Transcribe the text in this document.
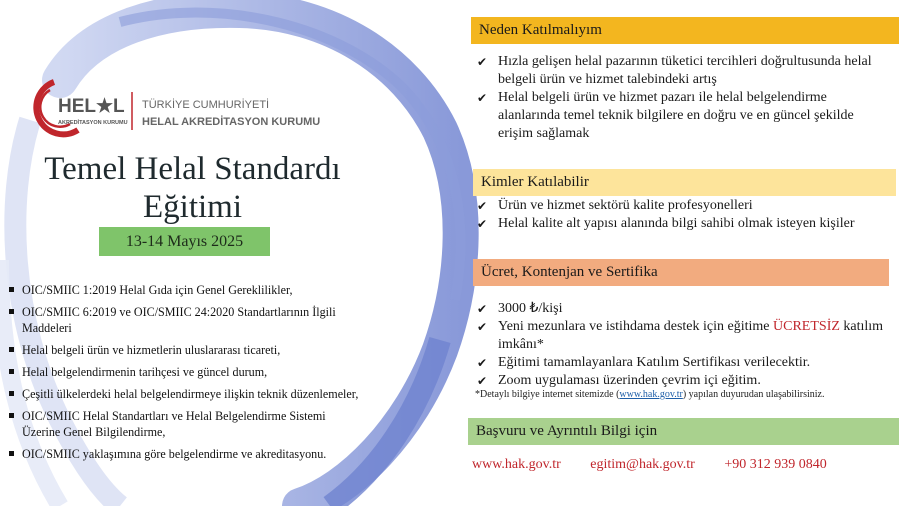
HEL★L
AKREDİTASYON KURUMU
TÜRKİYE CUMHURİYETİ
HELAL AKREDİTASYON KURUMU
Temel Helal Standardı
Eğitimi
13-14 Mayıs 2025
OIC/SMIIC 1:2019 Helal Gıda için Genel Gereklilikler,
OIC/SMIIC 6:2019 ve OIC/SMIIC 24:2020 Standartlarının İlgili Maddeleri
Helal belgeli ürün ve hizmetlerin uluslararası ticareti,
Helal belgelendirmenin tarihçesi ve güncel durum,
Çeşitli ülkelerdeki helal belgelendirmeye ilişkin teknik düzenlemeler,
OIC/SMIIC Helal Standartları ve Helal Belgelendirme Sistemi Üzerine Genel Bilgilendirme,
OIC/SMIIC yaklaşımına göre belgelendirme ve akreditasyonu.
Neden Katılmalıyım
✔ Hızla gelişen helal pazarının tüketici tercihleri doğrultusunda helal belgeli ürün ve hizmet talebindeki artış
✔ Helal belgeli ürün ve hizmet pazarı ile helal belgelendirme alanlarında temel teknik bilgilere en doğru ve en güncel şekilde erişim sağlamak
Kimler Katılabilir
✔ Ürün ve hizmet sektörü kalite profesyonelleri
✔ Helal kalite alt yapısı alanında bilgi sahibi olmak isteyen kişiler
Ücret, Kontenjan ve Sertifika
✔ 3000 ₺/kişi
✔ Yeni mezunlara ve istihdama destek için eğitime ÜCRETSİZ katılım imkânı*
✔ Eğitimi tamamlayanlara Katılım Sertifikası verilecektir.
✔ Zoom uygulaması üzerinden çevrim içi eğitim.
*Detaylı bilgiye internet sitemizde (www.hak.gov.tr) yapılan duyurudan ulaşabilirsiniz.
Başvuru ve Ayrıntılı Bilgi için
www.hak.gov.tr egitim@hak.gov.tr +90 312 939 0840
